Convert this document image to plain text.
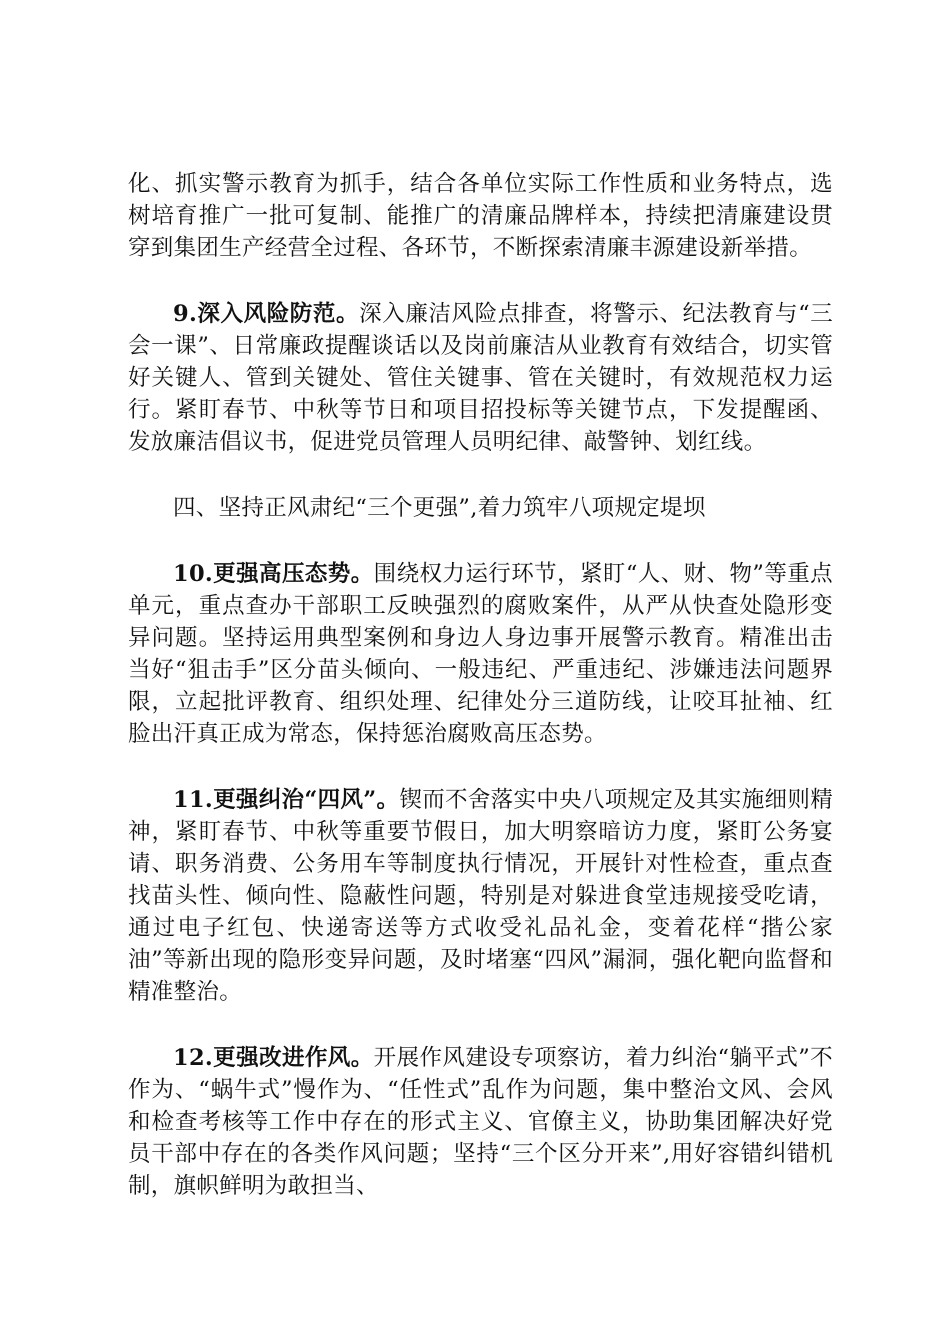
化、抓实警示教育为抓手，结合各单位实际工作性质和业务特点，选树培育推广一批可复制、能推广的清廉品牌样本，持续把清廉建设贯穿到集团生产经营全过程、各环节，不断探索清廉丰源建设新举措。

9.深入风险防范。深入廉洁风险点排查，将警示、纪法教育与“三会一课”、日常廉政提醒谈话以及岗前廉洁从业教育有效结合，切实管好关键人、管到关键处、管住关键事、管在关键时，有效规范权力运行。紧盯春节、中秋等节日和项目招投标等关键节点，下发提醒函、发放廉洁倡议书，促进党员管理人员明纪律、敲警钟、划红线。

四、坚持正风肃纪“三个更强”,着力筑牢八项规定堤坝

10.更强高压态势。围绕权力运行环节，紧盯“人、财、物”等重点单元，重点查办干部职工反映强烈的腐败案件，从严从快查处隐形变异问题。坚持运用典型案例和身边人身边事开展警示教育。精准出击当好“狙击手”区分苗头倾向、一般违纪、严重违纪、涉嫌违法问题界限，立起批评教育、组织处理、纪律处分三道防线，让咬耳扯袖、红脸出汗真正成为常态，保持惩治腐败高压态势。

11.更强纠治“四风”。锲而不舍落实中央八项规定及其实施细则精神，紧盯春节、中秋等重要节假日，加大明察暗访力度，紧盯公务宴请、职务消费、公务用车等制度执行情况，开展针对性检查，重点查找苗头性、倾向性、隐蔽性问题，特别是对躲进食堂违规接受吃请，通过电子红包、快递寄送等方式收受礼品礼金，变着花样“揩公家油”等新出现的隐形变异问题，及时堵塞“四风”漏洞，强化靶向监督和精准整治。

12.更强改进作风。开展作风建设专项察访，着力纠治“躺平式”不作为、“蜗牛式”慢作为、“任性式”乱作为问题，集中整治文风、会风和检查考核等工作中存在的形式主义、官僚主义，协助集团解决好党员干部中存在的各类作风问题；坚持“三个区分开来”,用好容错纠错机制，旗帜鲜明为敢担当、
